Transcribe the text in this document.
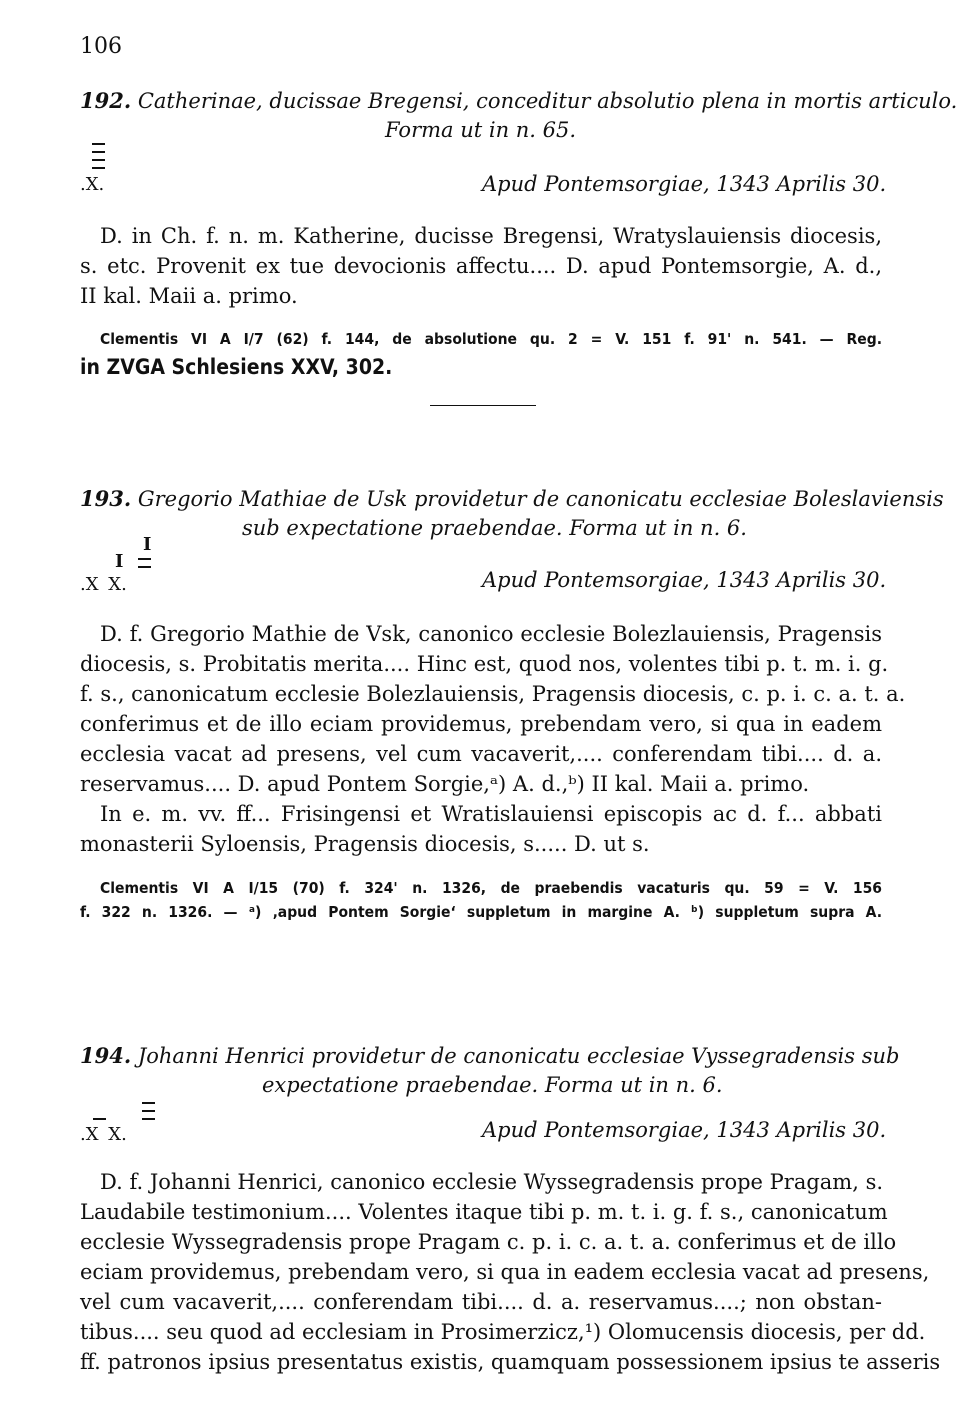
106
192. Catherinae, ducissae Bregensi, conceditur absolutio plena in mortis articulo.
Forma ut in n. 65.
.X.	Apud Pontemsorgiae, 1343 Aprilis 30.
D. in Ch. f. n. m. Katherine, ducisse Bregensi, Wratyslauiensis diocesis,
s. etc. Provenit ex tue devocionis affectu.... D. apud Pontemsorgie, A. d.,
II kal. Maii a. primo.
Clementis VI A I/7 (62) f. 144, de absolutione qu. 2 = V. 151 f. 91' n. 541. — Reg.
in ZVGA Schlesiens XXV, 302.
193. Gregorio Mathiae de Usk providetur de canonicatu ecclesiae Boleslaviensis
sub expectatione praebendae. Forma ut in n. 6.
I
I
.X X.	Apud Pontemsorgiae, 1343 Aprilis 30.
D. f. Gregorio Mathie de Vsk, canonico ecclesie Bolezlauiensis, Pragensis
diocesis, s. Probitatis merita.... Hinc est, quod nos, volentes tibi p. t. m. i. g.
f. s., canonicatum ecclesie Bolezlauiensis, Pragensis diocesis, c. p. i. c. a. t. a.
conferimus et de illo eciam providemus, prebendam vero, si qua in eadem
ecclesia vacat ad presens, vel cum vacaverit,.... conferendam tibi.... d. a.
reservamus.... D. apud Pontem Sorgie,ᵃ) A. d.,ᵇ) II kal. Maii a. primo.
In e. m. vv. ff... Frisingensi et Wratislauiensi episcopis ac d. f... abbati
monasterii Syloensis, Pragensis diocesis, s..... D. ut s.
Clementis VI A I/15 (70) f. 324' n. 1326, de praebendis vacaturis qu. 59 = V. 156
f. 322 n. 1326. — ᵃ) ‚apud Pontem Sorgie‘ suppletum in margine A. ᵇ) suppletum supra A.
194. Johanni Henrici providetur de canonicatu ecclesiae Vyssegradensis sub
expectatione praebendae. Forma ut in n. 6.
.X X.	Apud Pontemsorgiae, 1343 Aprilis 30.
D. f. Johanni Henrici, canonico ecclesie Wyssegradensis prope Pragam, s.
Laudabile testimonium.... Volentes itaque tibi p. m. t. i. g. f. s., canonicatum
ecclesie Wyssegradensis prope Pragam c. p. i. c. a. t. a. conferimus et de illo
eciam providemus, prebendam vero, si qua in eadem ecclesia vacat ad presens,
vel cum vacaverit,.... conferendam tibi.... d. a. reservamus....; non obstan-
tibus.... seu quod ad ecclesiam in Prosimerzicz,¹) Olomucensis diocesis, per dd.
ff. patronos ipsius presentatus existis, quamquam possessionem ipsius te asseris
